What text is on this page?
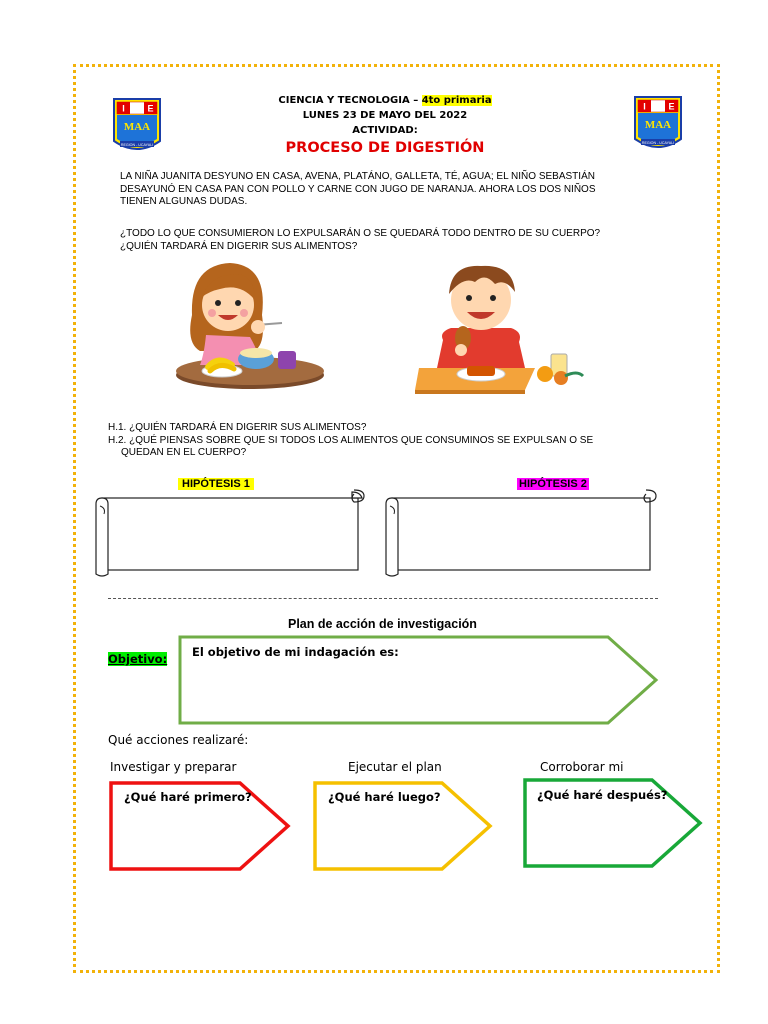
I	E
MAA
REGION - UCAYALI
I	E
MAA
REGION - UCAYALI
CIENCIA Y TECNOLOGIA – 4to primaria
LUNES 23 DE MAYO DEL 2022
ACTIVIDAD:
PROCESO DE DIGESTIÓN
LA NIÑA JUANITA DESYUNO EN CASA, AVENA, PLATÁNO, GALLETA, TÉ, AGUA; EL NIÑO SEBASTIÁN
DESAYUNÓ EN CASA PAN CON POLLO Y CARNE CON JUGO DE NARANJA. AHORA LOS DOS NIÑOS
TIENEN ALGUNAS DUDAS.
¿TODO LO QUE CONSUMIERON LO EXPULSARÁN O SE QUEDARÁ TODO DENTRO DE SU CUERPO?
¿QUIÉN TARDARÁ EN DIGERIR SUS ALIMENTOS?
H.1. ¿QUIÉN TARDARÁ EN DIGERIR SUS ALIMENTOS?
H.2. ¿QUÉ PIENSAS SOBRE QUE SI TODOS LOS ALIMENTOS QUE CONSUMINOS SE EXPULSAN O SE
QUEDAN EN EL CUERPO?
HIPÓTESIS 1	HIPÓTESIS 2
Plan de acción de investigación
Objetivo: El objetivo de mi indagación es:
Qué acciones realizaré:
Investigar y preparar	Ejecutar el plan	Corroborar mi
¿Qué haré primero?	¿Qué haré luego?	¿Qué haré después?
